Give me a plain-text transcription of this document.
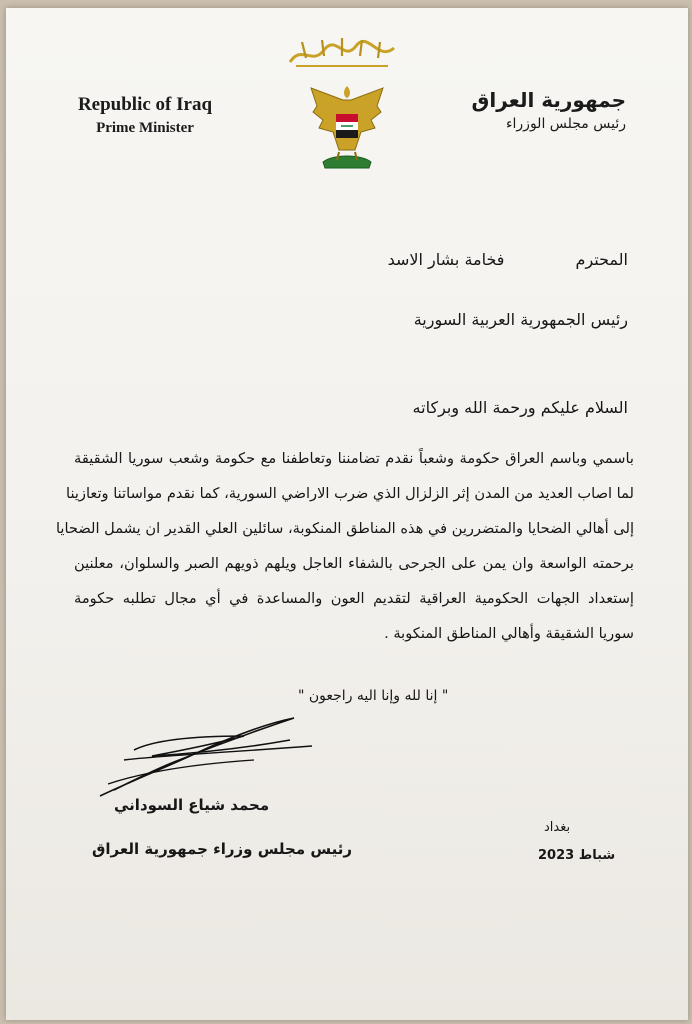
Republic of Iraq
Prime Minister
جمهورية العراق
رئيس مجلس الوزراء
فخامة بشار الاسد	المحترم
رئيس الجمهورية العربية السورية
السلام عليكم ورحمة الله وبركاته
باسمي وباسم العراق حكومة وشعباً نقدم تضامننا وتعاطفنا مع حكومة وشعب سوريا الشقيقة
لما اصاب العديد من المدن إثر الزلزال الذي ضرب الاراضي السورية، كما نقدم مواساتنا وتعازينا
إلى أهالي الضحايا والمتضررين في هذه المناطق المنكوبة، سائلين العلي القدير ان يشمل الضحايا
برحمته الواسعة وان يمن على الجرحى بالشفاء العاجل ويلهم ذويهم الصبر والسلوان، معلنين
إستعداد الجهات الحكومية العراقية لتقديم العون والمساعدة في أي مجال تطلبه حكومة
سوريا الشقيقة وأهالي المناطق المنكوبة .
" إنا لله وإنا اليه راجعون "
محمد شياع السوداني
رئيس مجلس وزراء جمهورية العراق
بغداد
شباط 2023
